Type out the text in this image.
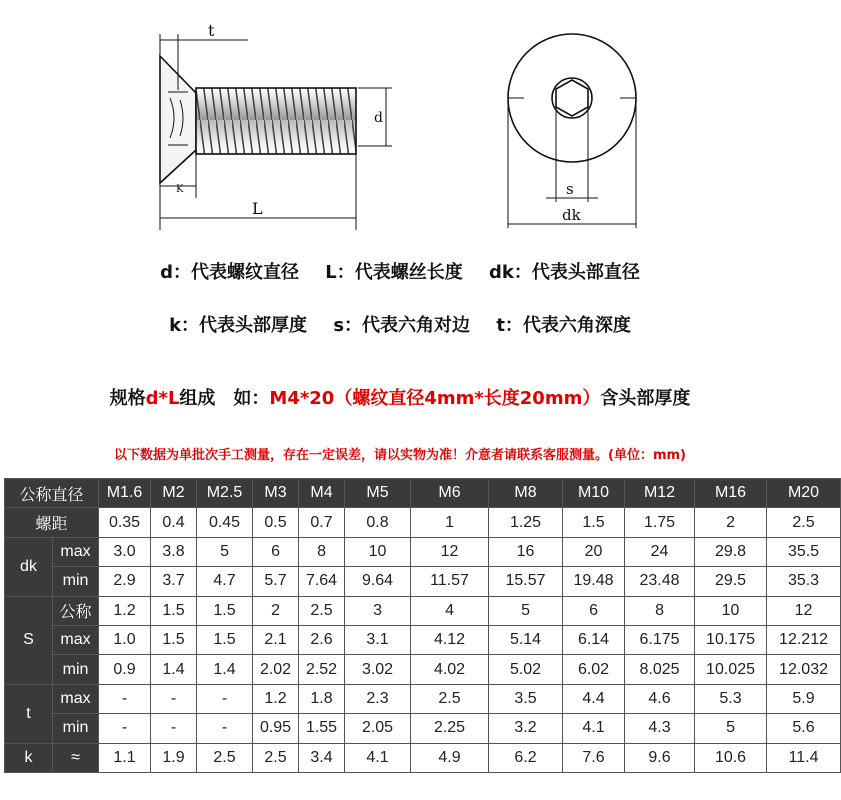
t
d
K
L
s
dk
d：代表螺纹直径 L：代表螺丝长度 dk：代表头部直径
k：代表头部厚度 s：代表六角对边 t：代表六角深度
规格d*L组成　如：M4*20（螺纹直径4mm*长度20mm）含头部厚度
以下数据为单批次手工测量，存在一定误差，请以实物为准！介意者请联系客服测量。(单位：mm)
公称直径		M1.6	M2	M2.5	M3	M4	M5	M6	M8	M10	M12	M16	M20
螺距		0.35	0.4	0.45	0.5	0.7	0.8	1	1.25	1.5	1.75	2	2.5
dk	max	3.0	3.8	5	6	8	10	12	16	20	24	29.8	35.5
	min	2.9	3.7	4.7	5.7	7.64	9.64	11.57	15.57	19.48	23.48	29.5	35.3
S	公称	1.2	1.5	1.5	2	2.5	3	4	5	6	8	10	12
	max	1.0	1.5	1.5	2.1	2.6	3.1	4.12	5.14	6.14	6.175	10.175	12.212
	min	0.9	1.4	1.4	2.02	2.52	3.02	4.02	5.02	6.02	8.025	10.025	12.032
t	max	-	-	-	1.2	1.8	2.3	2.5	3.5	4.4	4.6	5.3	5.9
	min	-	-	-	0.95	1.55	2.05	2.25	3.2	4.1	4.3	5	5.6
k	≈	1.1	1.9	2.5	2.5	3.4	4.1	4.9	6.2	7.6	9.6	10.6	11.4
